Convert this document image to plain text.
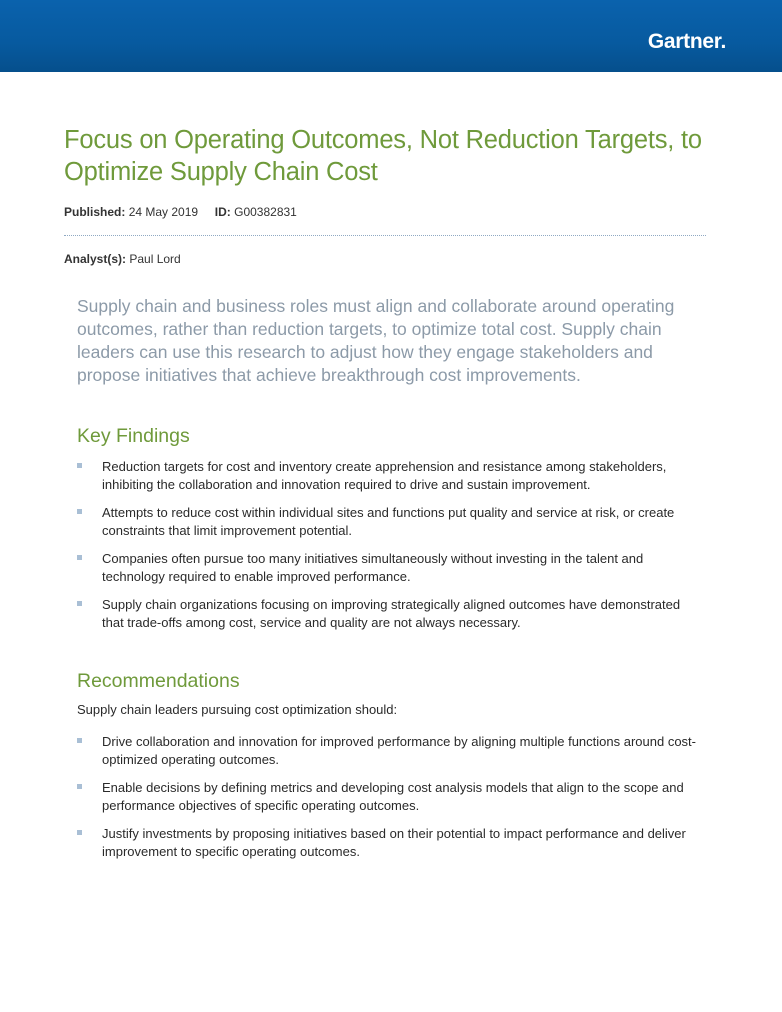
Gartner.
Focus on Operating Outcomes, Not Reduction Targets, to Optimize Supply Chain Cost
Published: 24 May 2019 ID: G00382831
Analyst(s): Paul Lord

Supply chain and business roles must align and collaborate around operating outcomes, rather than reduction targets, to optimize total cost. Supply chain leaders can use this research to adjust how they engage stakeholders and propose initiatives that achieve breakthrough cost improvements.

Key Findings
Reduction targets for cost and inventory create apprehension and resistance among stakeholders, inhibiting the collaboration and innovation required to drive and sustain improvement.
Attempts to reduce cost within individual sites and functions put quality and service at risk, or create constraints that limit improvement potential.
Companies often pursue too many initiatives simultaneously without investing in the talent and technology required to enable improved performance.
Supply chain organizations focusing on improving strategically aligned outcomes have demonstrated that trade-offs among cost, service and quality are not always necessary.
Recommendations

Supply chain leaders pursuing cost optimization should:

Drive collaboration and innovation for improved performance by aligning multiple functions around cost-optimized operating outcomes.
Enable decisions by defining metrics and developing cost analysis models that align to the scope and performance objectives of specific operating outcomes.
Justify investments by proposing initiatives based on their potential to impact performance and deliver improvement to specific operating outcomes.
